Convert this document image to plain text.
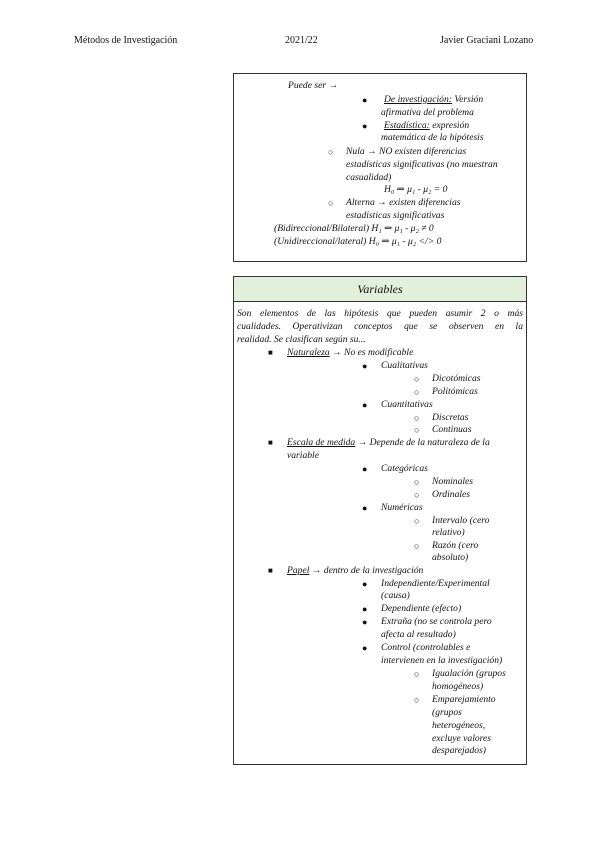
Métodos de Investigación	2021/22	Javier Graciani Lozano
Puede ser →
● De investigación: Versión
afirmativa del problema
● Estadística: expresión
matemática de la hipótesis
○ Nula → NO existen diferencias
estadísticas significativas (no muestran
casualidad)
H₀ ⇒ μ₁ - μ₂ = 0
○ Alterna → existen diferencias
estadísticas significativas
(Bidireccional/Bilateral) H₁ ⇒ μ₁ - μ₂ ≠ 0
(Unidireccional/lateral) H₀ ⇒ μ₁ - μ₂ </> 0
Variables
Son elementos de las hipótesis que pueden asumir 2 o más
cualidades. Operativizan conceptos que se observen en la
realidad. Se clasifican según su...
■ Naturaleza → No es modificable
● Cualitativas
○ Dicotómicas
○ Politómicas
● Cuantitativas
○ Discretas
○ Continuas
■ Escala de medida → Depende de la naturaleza de la
variable
● Categóricas
○ Nominales
○ Ordinales
● Numéricas
○ Intervalo (cero
relativo)
○ Razón (cero
absoluto)
■ Papel → dentro de la investigación
● Independiente/Experimental
(causa)
● Dependiente (efecto)
● Extraña (no se controla pero
afecta al resultado)
● Control (controlables e
intervienen en la investigación)
○ Igualación (grupos
homogéneos)
○ Emparejamiento
(grupos
heterogéneos,
excluye valores
desparejados)
